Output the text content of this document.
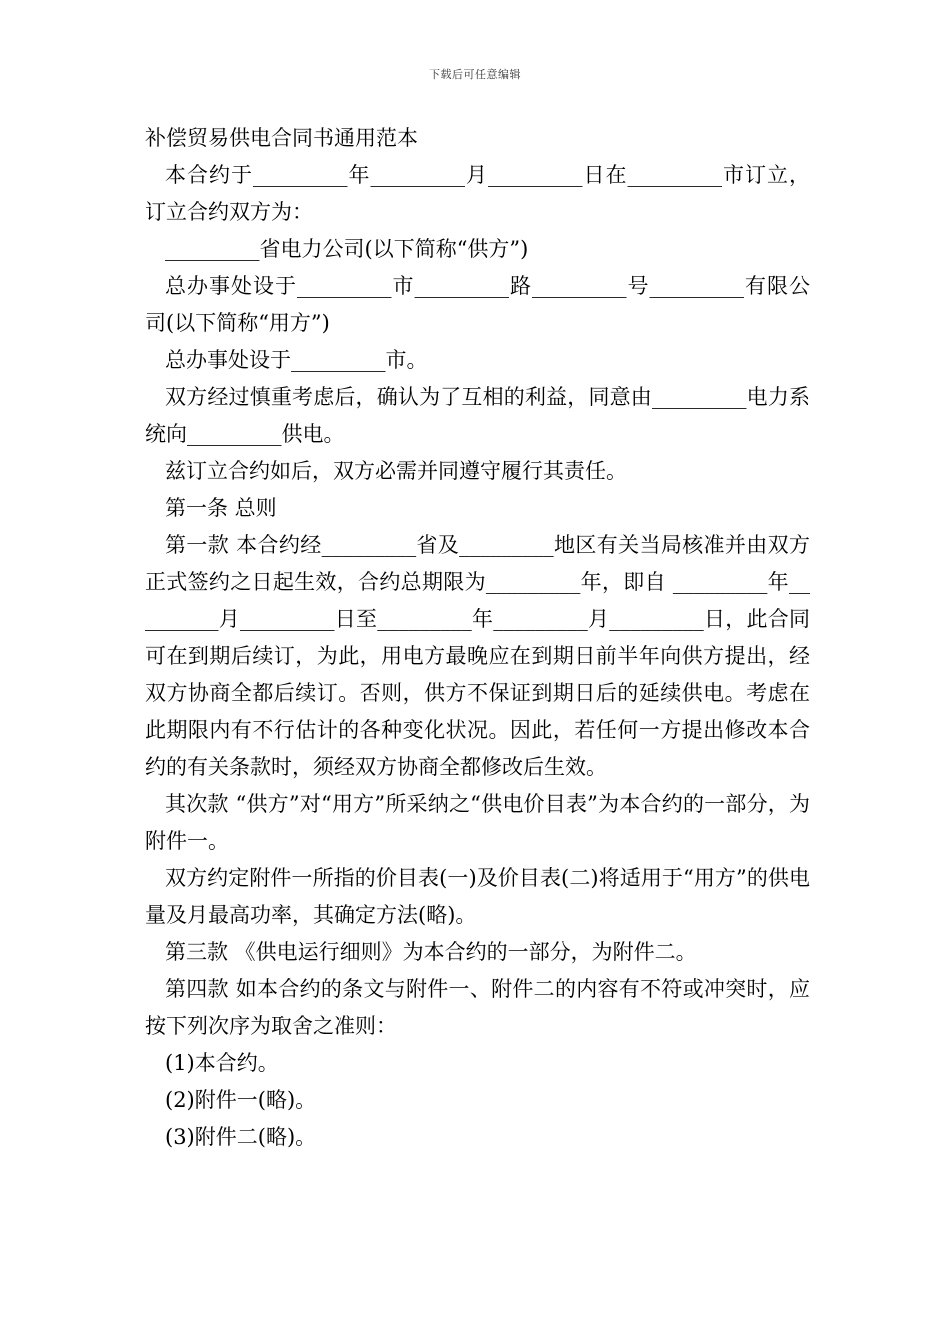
下载后可任意编辑

补偿贸易供电合同书通用范本

本合约于_________年_________月_________日在_________市订立，订立合约双方为：

_________省电力公司(以下简称“供方”)

总办事处设于_________市_________路_________号_________有限公司(以下简称“用方”)

总办事处设于_________市。

双方经过慎重考虑后，确认为了互相的利益，同意由_________电力系统向_________供电。

兹订立合约如后，双方必需并同遵守履行其责任。

第一条 总则

第一款 本合约经_________省及_________地区有关当局核准并由双方正式签约之日起生效，合约总期限为_________年，即自 _________年_________月_________日至_________年_________月_________日，此合同可在到期后续订，为此，用电方最晚应在到期日前半年向供方提出，经双方协商全都后续订。否则，供方不保证到期日后的延续供电。考虑在此期限内有不行估计的各种变化状况。因此，若任何一方提出修改本合约的有关条款时，须经双方协商全都修改后生效。

其次款 “供方”对“用方”所采纳之“供电价目表”为本合约的一部分，为附件一。

双方约定附件一所指的价目表(一)及价目表(二)将适用于“用方”的供电量及月最高功率，其确定方法(略)。

第三款 《供电运行细则》为本合约的一部分，为附件二。

第四款 如本合约的条文与附件一、附件二的内容有不符或冲突时，应按下列次序为取舍之准则：

(1)本合约。

(2)附件一(略)。

(3)附件二(略)。
